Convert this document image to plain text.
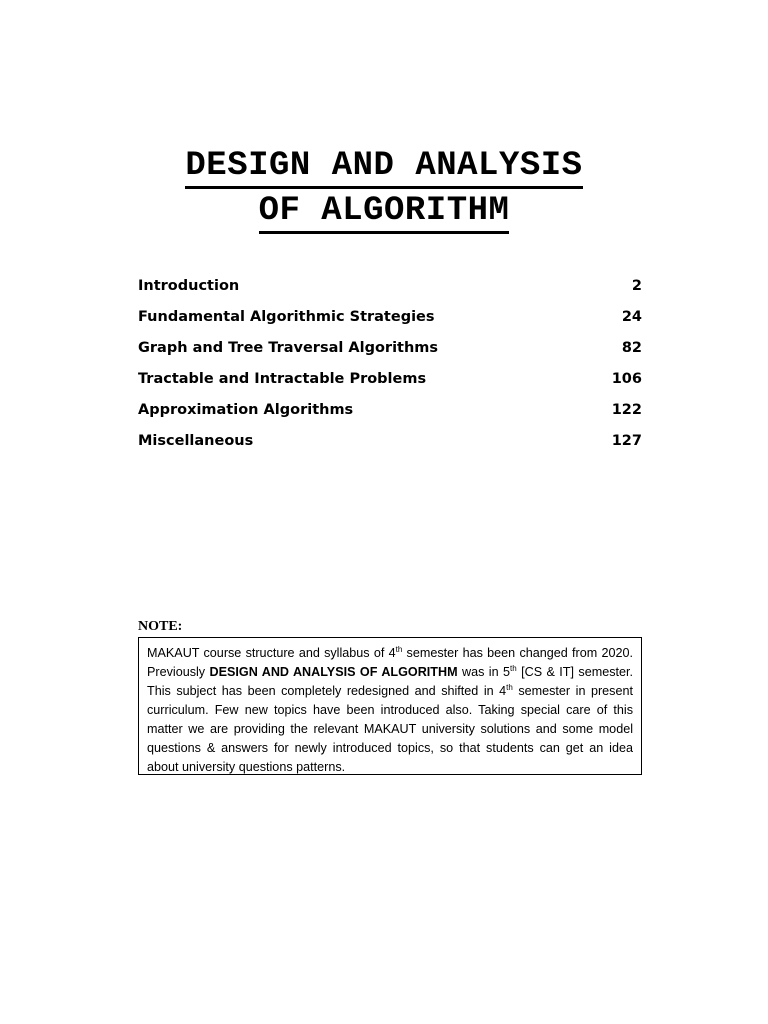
DESIGN AND ANALYSIS
OF ALGORITHM
Introduction	2
Fundamental Algorithmic Strategies	24
Graph and Tree Traversal Algorithms	82
Tractable and Intractable Problems	106
Approximation Algorithms	122
Miscellaneous	127
NOTE:
MAKAUT course structure and syllabus of 4th semester has been changed from 2020. Previously DESIGN AND ANALYSIS OF ALGORITHM was in 5th [CS & IT] semester. This subject has been completely redesigned and shifted in 4th semester in present curriculum. Few new topics have been introduced also. Taking special care of this matter we are providing the relevant MAKAUT university solutions and some model questions & answers for newly introduced topics, so that students can get an idea about university questions patterns.
